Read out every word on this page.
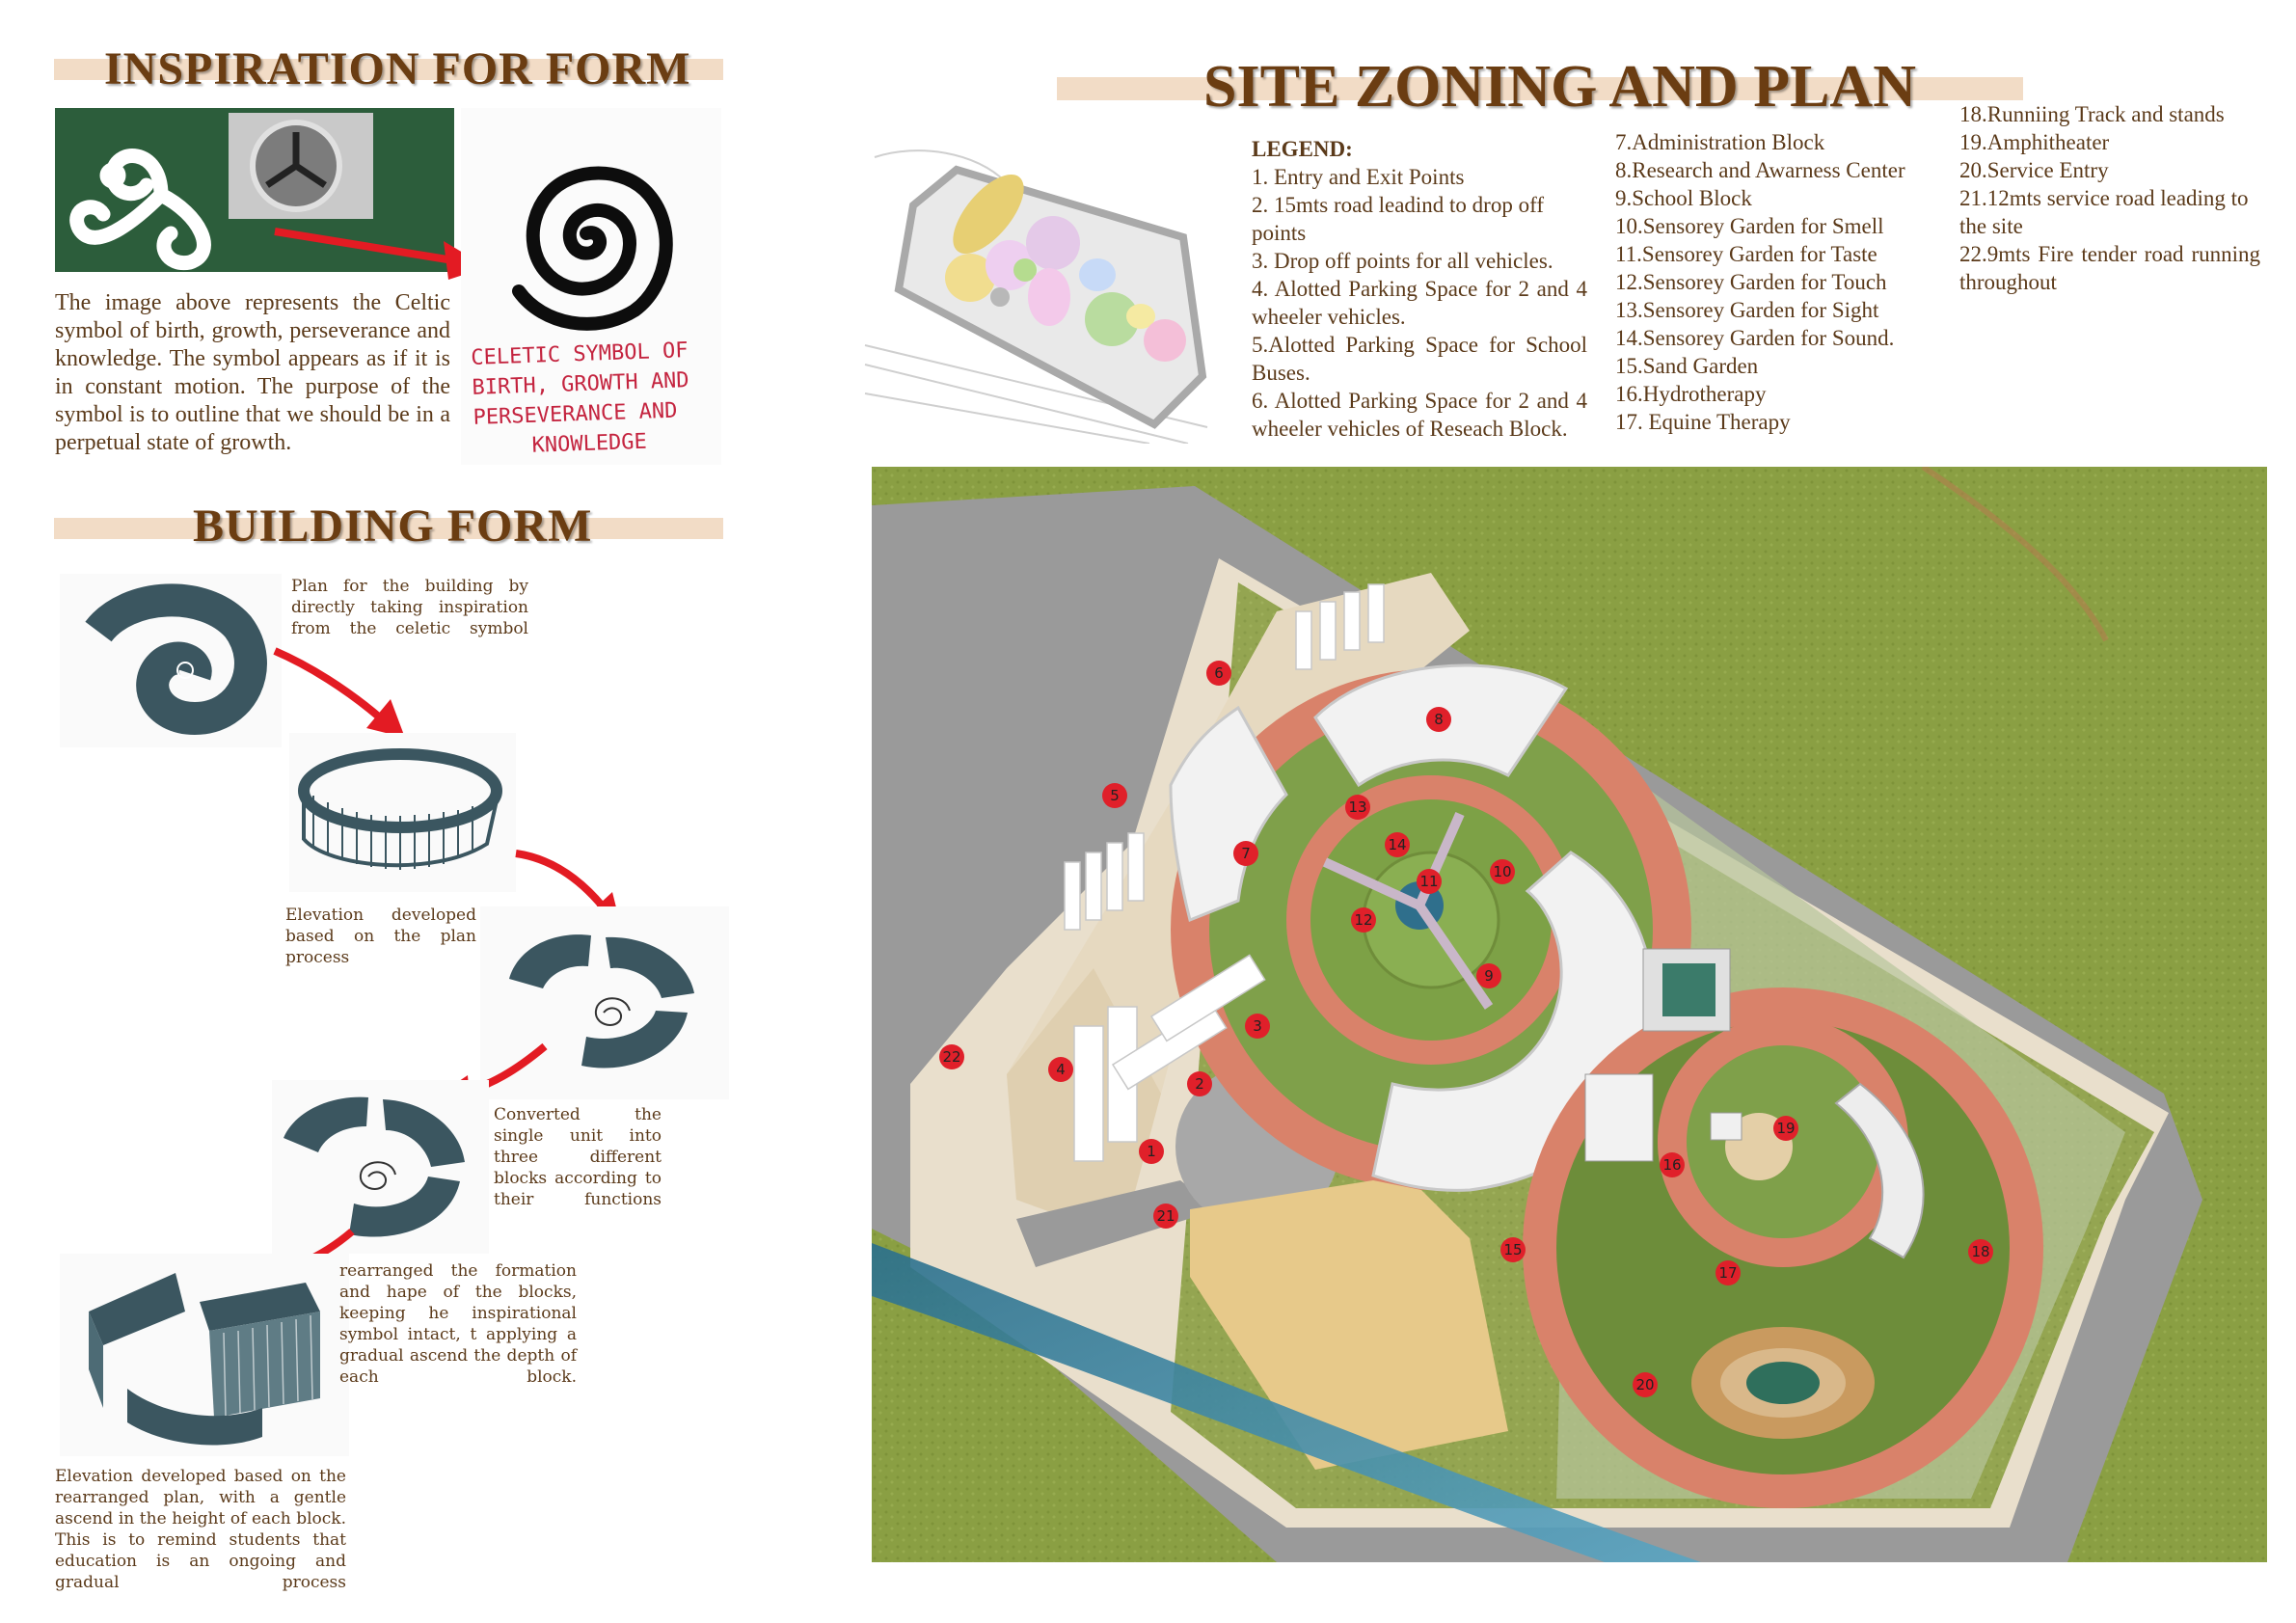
INSPIRATION FOR FORM
CELETIC SYMBOL OF
BIRTH, GROWTH AND
PERSEVERANCE AND
KNOWLEDGE
The image above represents the Celtic symbol of birth, growth, perseverance and knowledge. The symbol appears as if it is in constant motion. The purpose of the symbol is to outline that we should be in a perpetual state of growth.
BUILDING FORM
Plan for the building by directly taking inspiration from the celetic symbol
Elevation developed based on the plan process
Converted the single unit into three different blocks according to their functions
rearranged the formation and hape of the blocks, keeping he inspirational symbol intact, t applying a gradual ascend the depth of each block.
Elevation developed based on the rearranged plan, with a gentle ascend in the height of each block. This is to remind students that education is an ongoing and gradual process
SITE ZONING AND PLAN
LEGEND:
1. Entry and Exit Points
2. 15mts road leadind to drop off points
3. Drop off points for all vehicles.
4. Alotted Parking Space for 2 and 4 wheeler vehicles.
5.Alotted Parking Space for School Buses.
6. Alotted Parking Space for 2 and 4 wheeler vehicles of Reseach Block.
7.Administration Block
8.Research and Awarness Center
9.School Block
10.Sensorey Garden for Smell
11.Sensorey Garden for Taste
12.Sensorey Garden for Touch
13.Sensorey Garden for Sight
14.Sensorey Garden for Sound.
15.Sand Garden
16.Hydrotherapy
17. Equine Therapy
18.Runniing Track and stands
19.Amphitheater
20.Service Entry
21.12mts service road leading to the site
22.9mts Fire tender road running throughout
1
2
3
4
5
6
7
8
9
10
11
12
13
14
15
16
17
18
19
20
21
22
